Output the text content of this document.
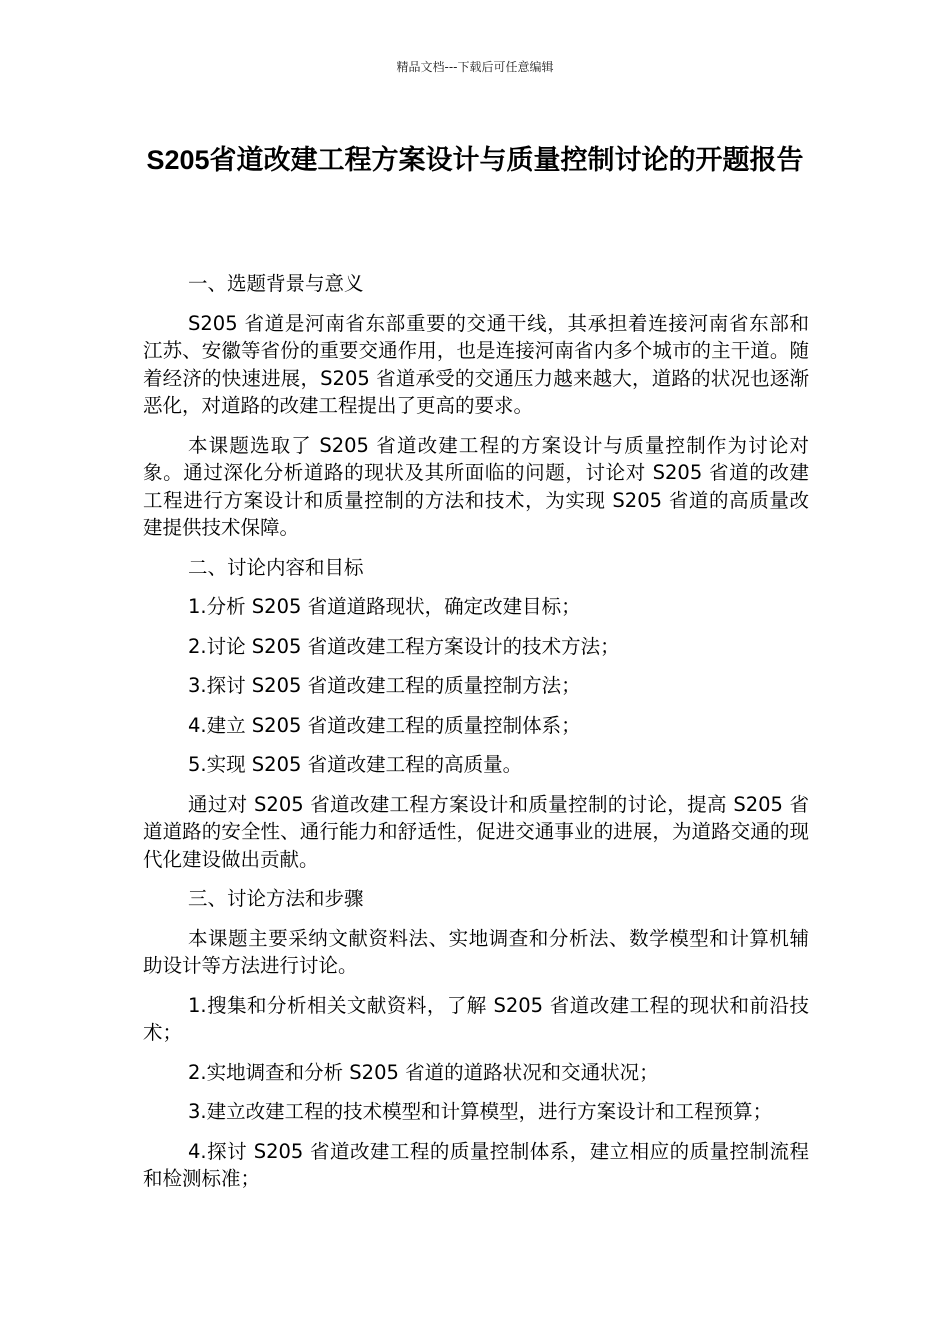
精品文档---下载后可任意编辑
S205省道改建工程方案设计与质量控制讨论的开题报告

一、选题背景与意义

S205 省道是河南省东部重要的交通干线，其承担着连接河南省东部和江苏、安徽等省份的重要交通作用，也是连接河南省内多个城市的主干道。随着经济的快速进展，S205 省道承受的交通压力越来越大，道路的状况也逐渐恶化，对道路的改建工程提出了更高的要求。

本课题选取了 S205 省道改建工程的方案设计与质量控制作为讨论对象。通过深化分析道路的现状及其所面临的问题，讨论对 S205 省道的改建工程进行方案设计和质量控制的方法和技术，为实现 S205 省道的高质量改建提供技术保障。

二、讨论内容和目标

1.分析 S205 省道道路现状，确定改建目标；

2.讨论 S205 省道改建工程方案设计的技术方法；

3.探讨 S205 省道改建工程的质量控制方法；

4.建立 S205 省道改建工程的质量控制体系；

5.实现 S205 省道改建工程的高质量。

通过对 S205 省道改建工程方案设计和质量控制的讨论，提高 S205 省道道路的安全性、通行能力和舒适性，促进交通事业的进展，为道路交通的现代化建设做出贡献。

三、讨论方法和步骤

本课题主要采纳文献资料法、实地调查和分析法、数学模型和计算机辅助设计等方法进行讨论。

1.搜集和分析相关文献资料，了解 S205 省道改建工程的现状和前沿技术；

2.实地调查和分析 S205 省道的道路状况和交通状况；

3.建立改建工程的技术模型和计算模型，进行方案设计和工程预算；

4.探讨 S205 省道改建工程的质量控制体系，建立相应的质量控制流程和检测标准；
